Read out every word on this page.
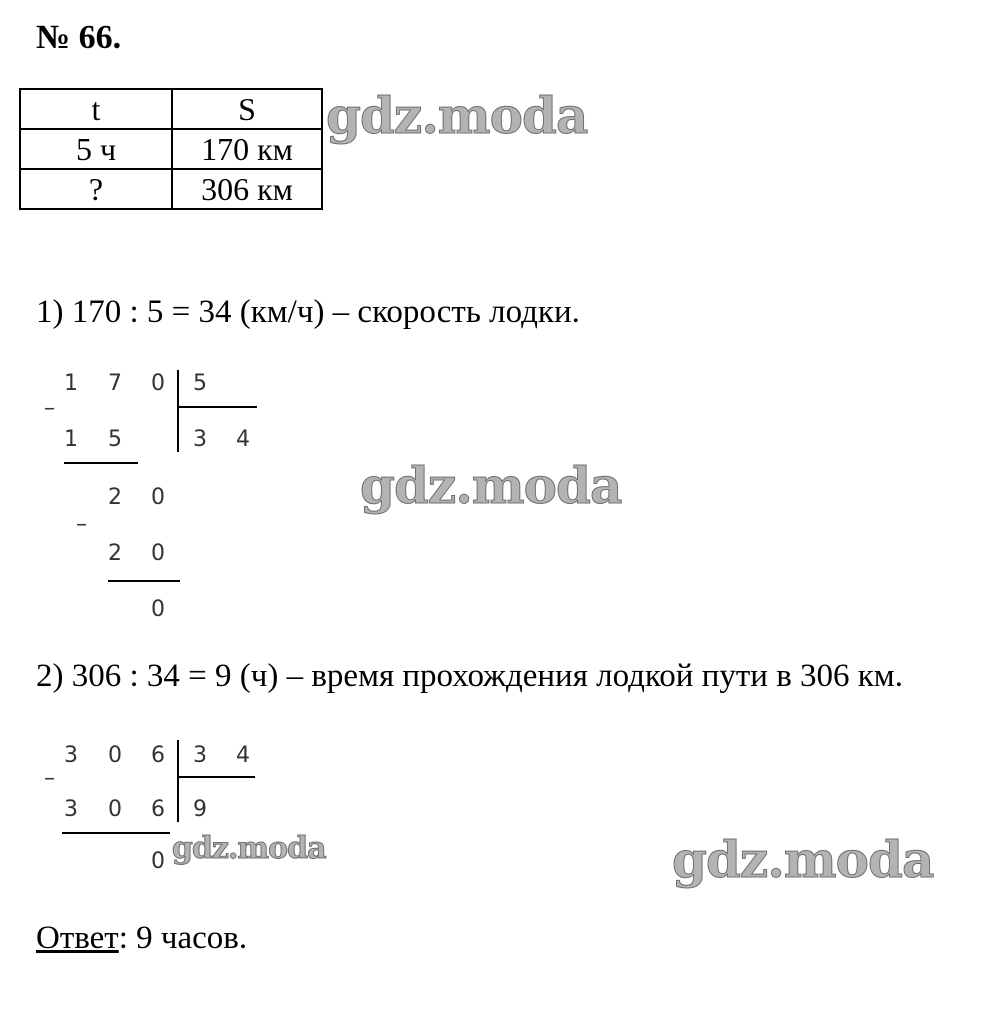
№ 66.
t	S
5 ч	170 км
?	306 км
1) 170 : 5 = 34 (км/ч) – скорость лодки.
–
1	7	0	5
3	4
1	5
–
2	0
2	0
0
2) 306 : 34 = 9 (ч) – время прохождения лодкой пути в 306 км.
–
3	0	6	3	4
9
3	0	6
0
Ответ: 9 часов.
gdz.moda
gdz.moda
gdz.moda	gdz.moda
